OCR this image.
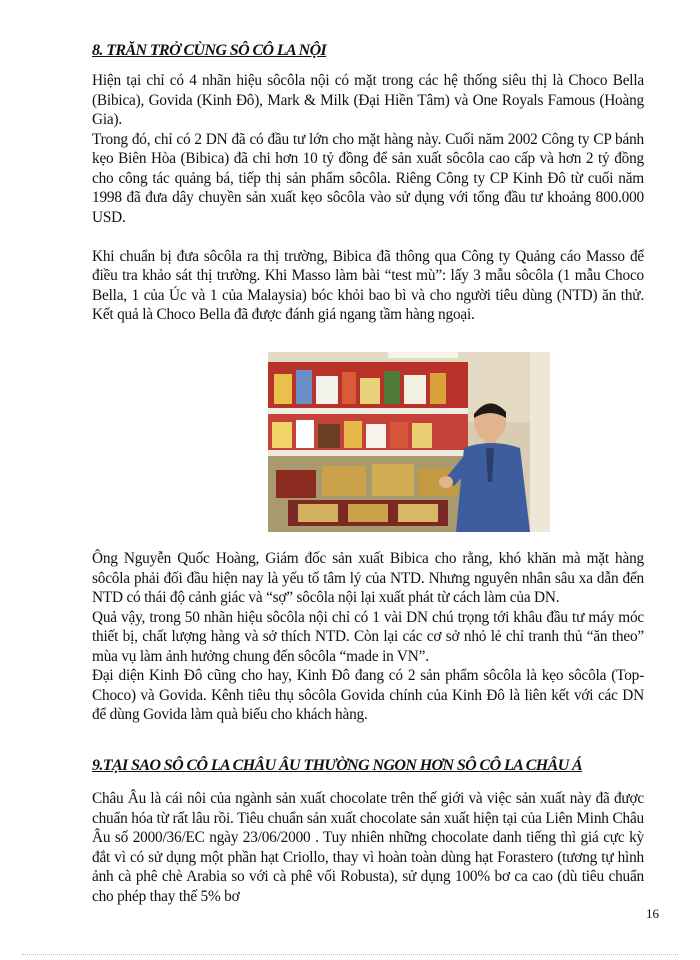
8. TRĂN TRỞ CÙNG SÔ CÔ LA NỘI

Hiện tại chỉ có 4 nhãn hiệu sôcôla nội có mặt trong các hệ thống siêu thị là Choco Bella (Bibica), Govida (Kinh Đô), Mark & Milk (Đại Hiền Tâm) và One Royals Famous (Hoàng Gia).

Trong đó, chỉ có 2 DN đã có đầu tư lớn cho mặt hàng này. Cuối năm 2002 Công ty CP bánh kẹo Biên Hòa (Bibica) đã chi hơn 10 tỷ đồng để sản xuất sôcôla cao cấp và hơn 2 tỷ đồng cho công tác quảng bá, tiếp thị sản phẩm sôcôla. Riêng Công ty CP Kinh Đô từ cuối năm 1998 đã đưa dây chuyền sản xuất kẹo sôcôla vào sử dụng với tổng đầu tư khoảng 800.000 USD.

Khi chuẩn bị đưa sôcôla ra thị trường, Bibica đã thông qua Công ty Quảng cáo Masso để điều tra khảo sát thị trường. Khi Masso làm bài “test mù”: lấy 3 mẫu sôcôla (1 mẫu Choco Bella, 1 của Úc và 1 của Malaysia) bóc khỏi bao bì và cho người tiêu dùng (NTD) ăn thử. Kết quả là Choco Bella đã được đánh giá ngang tầm hàng ngoại.

Ông Nguyễn Quốc Hoàng, Giám đốc sản xuất Bibica cho rằng, khó khăn mà mặt hàng sôcôla phải đối đầu hiện nay là yếu tố tâm lý của NTD. Nhưng nguyên nhân sâu xa dẫn đến NTD có thái độ cảnh giác và “sợ” sôcôla nội lại xuất phát từ cách làm của DN.

Quả vậy, trong 50 nhãn hiệu sôcôla nội chỉ có 1 vài DN chú trọng tới khâu đầu tư máy móc thiết bị, chất lượng hàng và sở thích NTD. Còn lại các cơ sở nhỏ lẻ chỉ tranh thủ “ăn theo” mùa vụ làm ảnh hưởng chung đến sôcôla “made in VN”.

Đại diện Kinh Đô cũng cho hay, Kinh Đô đang có 2 sản phẩm sôcôla là kẹo sôcôla (Top-Choco) và Govida. Kênh tiêu thụ sôcôla Govida chính của Kinh Đô là liên kết với các DN để dùng Govida làm quà biếu cho khách hàng.

9.TẠI SAO SÔ CÔ LA CHÂU ÂU THƯỜNG NGON HƠN SÔ CÔ LA CHÂU Á

Châu Âu là cái nôi của ngành sản xuất chocolate trên thế giới và việc sản xuất này đã được chuẩn hóa từ rất lâu rồi. Tiêu chuẩn sản xuất chocolate sản xuất hiện tại của Liên Minh Châu Âu số 2000/36/EC ngày 23/06/2000 . Tuy nhiên những chocolate danh tiếng thì giá cực kỳ đắt vì có sử dụng một phần hạt Criollo, thay vì hoàn toàn dùng hạt Forastero (tương tự hình ảnh cà phê chè Arabia so với cà phê vối Robusta), sử dụng 100% bơ ca cao (dù tiêu chuẩn cho phép thay thế 5% bơ

16
